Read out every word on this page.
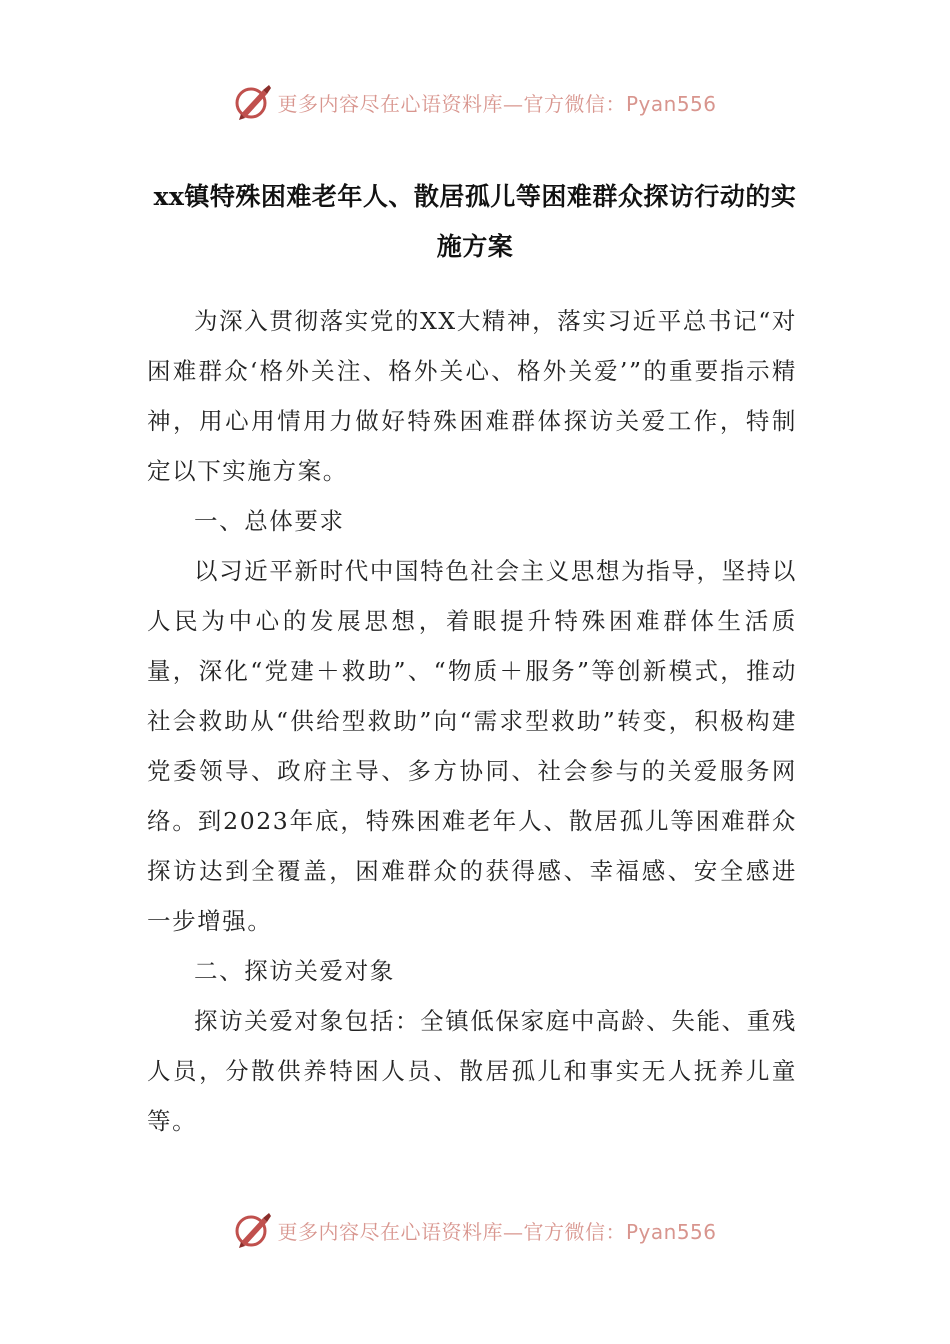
更多内容尽在心语资料库—官方微信：Pyan556
xx镇特殊困难老年人、散居孤儿等困难群众探访行动的实施方案

为深入贯彻落实党的XX大精神，落实习近平总书记“对困难群众‘格外关注、格外关心、格外关爱’”的重要指示精神，用心用情用力做好特殊困难群体探访关爱工作，特制定以下实施方案。

一、总体要求

以习近平新时代中国特色社会主义思想为指导，坚持以人民为中心的发展思想，着眼提升特殊困难群体生活质量，深化“党建＋救助”、“物质＋服务”等创新模式，推动社会救助从“供给型救助”向“需求型救助”转变，积极构建党委领导、政府主导、多方协同、社会参与的关爱服务网络。到2023年底，特殊困难老年人、散居孤儿等困难群众探访达到全覆盖，困难群众的获得感、幸福感、安全感进一步增强。

二、探访关爱对象

探访关爱对象包括：全镇低保家庭中高龄、失能、重残人员，分散供养特困人员、散居孤儿和事实无人抚养儿童等。

更多内容尽在心语资料库—官方微信：Pyan556
